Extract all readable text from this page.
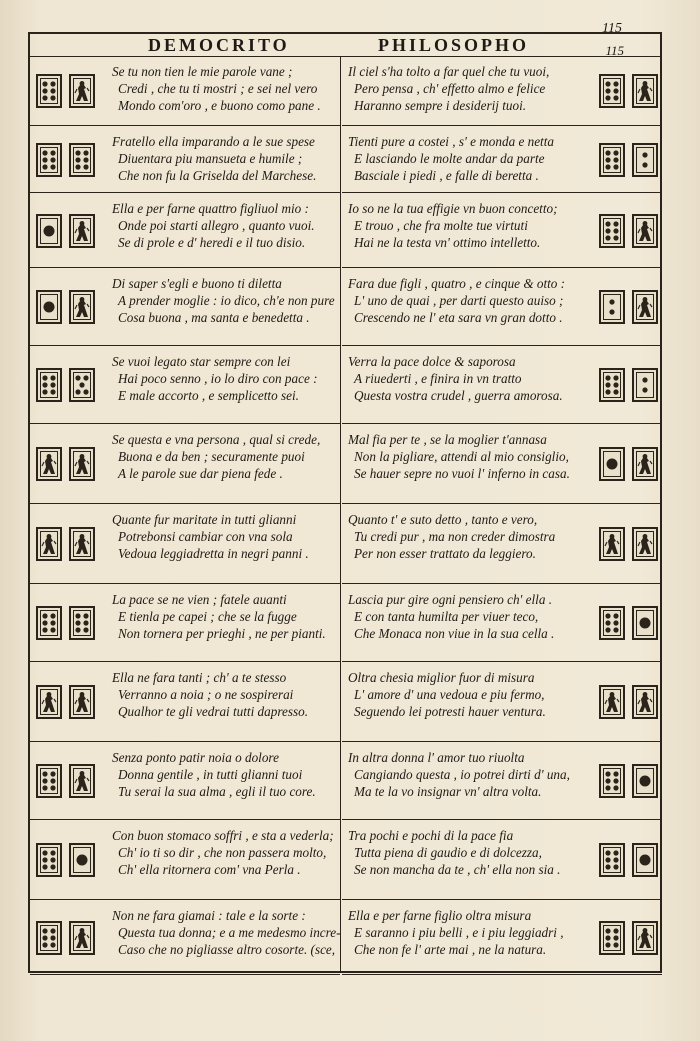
115
115
DEMOCRITO	PHILOSOPHO
Se tu non tien le mie parole vane ;
Credi , che tu ti mostri ; e sei nel vero
Mondo com'oro , e buono como pane .
Fratello ella imparando a le sue spese
Diuentara piu mansueta e humile ;
Che non fu la Griselda del Marchese.
Ella e per farne quattro figliuol mio :
Onde poi starti allegro , quanto vuoi.
Se di prole e d' heredi e il tuo disio.
Di saper s'egli e buono ti diletta
A prender moglie : io dico, ch'e non pure
Cosa buona , ma santa e benedetta .
Se vuoi legato star sempre con lei
Hai poco senno , io lo diro con pace :
E male accorto , e semplicetto sei.
Se questa e vna persona , qual si crede,
Buona e da ben ; securamente puoi
A le parole sue dar piena fede .
Quante fur maritate in tutti glianni
Potrebonsi cambiar con vna sola
Vedoua leggiadretta in negri panni .
La pace se ne vien ; fatele auanti
E tienla pe capei ; che se la fugge
Non tornera per prieghi , ne per pianti.
Ella ne fara tanti ; ch' a te stesso
Verranno a noia ; o ne sospirerai
Qualhor te gli vedrai tutti dapresso.
Senza ponto patir noia o dolore
Donna gentile , in tutti glianni tuoi
Tu serai la sua alma , egli il tuo core.
Con buon stomaco soffri , e sta a vederla;
Ch' io ti so dir , che non passera molto,
Ch' ella ritornera com' vna Perla .
Non ne fara giamai : tale e la sorte :
Questa tua donna; e a me medesmo incre-
Caso che no pigliasse altro cosorte. (sce,
Il ciel s'ha tolto a far quel che tu vuoi,
Pero pensa , ch' effetto almo e felice
Haranno sempre i desiderij tuoi.
Tienti pure a costei , s' e monda e netta
E lasciando le molte andar da parte
Basciale i piedi , e falle di beretta .
Io so ne la tua effigie vn buon concetto;
E trouo , che fra molte tue virtuti
Hai ne la testa vn' ottimo intelletto.
Fara due figli , quatro , e cinque & otto :
L' uno de quai , per darti questo auiso ;
Crescendo ne l' eta sara vn gran dotto .
Verra la pace dolce & saporosa
A riuederti , e finira in vn tratto
Questa vostra crudel , guerra amorosa.
Mal fia per te , se la moglier t'annasa
Non la pigliare, attendi al mio consiglio,
Se hauer sepre no vuoi l' inferno in casa.
Quanto t' e suto detto , tanto e vero,
Tu credi pur , ma non creder dimostra
Per non esser trattato da leggiero.
Lascia pur gire ogni pensiero ch' ella .
E con tanta humilta per viuer teco,
Che Monaca non viue in la sua cella .
Oltra chesia miglior fuor di misura
L' amore d' una vedoua e piu fermo,
Seguendo lei potresti hauer ventura.
In altra donna l' amor tuo riuolta
Cangiando questa , io potrei dirti d' una,
Ma te la vo insignar vn' altra volta.
Tra pochi e pochi di la pace fia
Tutta piena di gaudio e di dolcezza,
Se non mancha da te , ch' ella non sia .
Ella e per farne figlio oltra misura
E saranno i piu belli , e i piu leggiadri ,
Che non fe l' arte mai , ne la natura.
